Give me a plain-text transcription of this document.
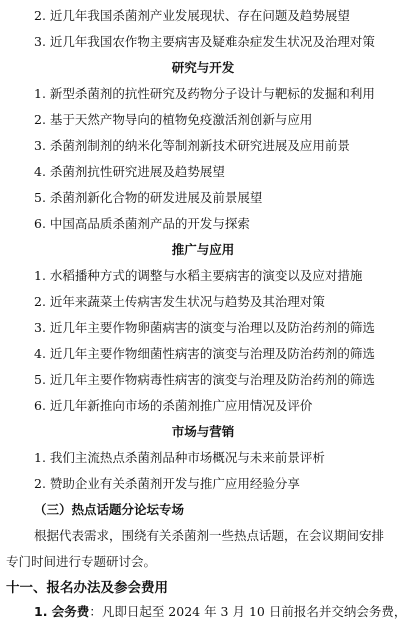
2. 近几年我国杀菌剂产业发展现状、存在问题及趋势展望
3. 近几年我国农作物主要病害及疑难杂症发生状况及治理对策
研究与开发
1. 新型杀菌剂的抗性研究及药物分子设计与靶标的发掘和利用
2. 基于天然产物导向的植物免疫激活剂创新与应用
3. 杀菌剂制剂的纳米化等制剂新技术研究进展及应用前景
4. 杀菌剂抗性研究进展及趋势展望
5. 杀菌剂新化合物的研发进展及前景展望
6. 中国高品质杀菌剂产品的开发与探索
推广与应用
1. 水稻播种方式的调整与水稻主要病害的演变以及应对措施
2. 近年来蔬菜土传病害发生状况与趋势及其治理对策
3. 近几年主要作物卵菌病害的演变与治理以及防治药剂的筛选
4. 近几年主要作物细菌性病害的演变与治理及防治药剂的筛选
5. 近几年主要作物病毒性病害的演变与治理及防治药剂的筛选
6. 近几年新推向市场的杀菌剂推广应用情况及评价
市场与营销
1. 我们主流热点杀菌剂品种市场概况与未来前景评析
2. 赞助企业有关杀菌剂开发与推广应用经验分享
（三）热点话题分论坛专场
根据代表需求，围绕有关杀菌剂一些热点话题，在会议期间安排
专门时间进行专题研讨会。
十一、报名办法及参会费用
1. 会务费：凡即日起至 2024 年 3 月 10 日前报名并交纳会务费，
